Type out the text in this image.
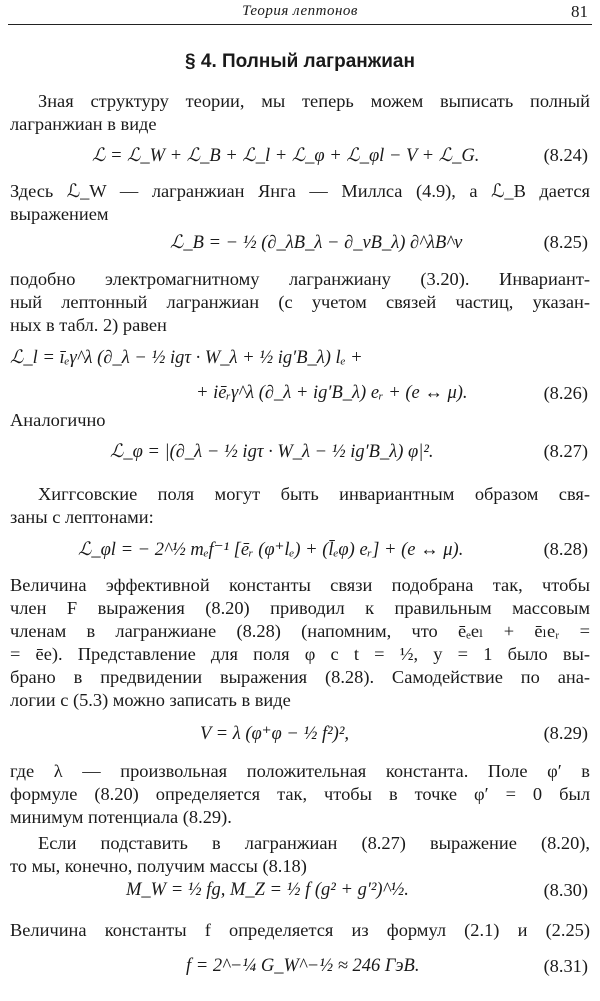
Теория лептонов	81
§ 4. Полный лагранжиан
Зная структуру теории, мы теперь можем выписать полный
лагранжиан в виде
ℒ = ℒ_W + ℒ_B + ℒ_l + ℒ_φ + ℒ_φl − V + ℒ_G.	(8.24)
Здесь ℒ_W — лагранжиан Янга — Миллса (4.9), а ℒ_B дается
выражением
ℒ_B = − ½ (∂_λB_λ − ∂_νB_λ) ∂^λB^ν	(8.25)
подобно электромагнитному лагранжиану (3.20). Инвариант-
ный лептонный лагранжиан (с учетом связей частиц, указан-
ных в табл. 2) равен
ℒ_l = īₑγ^λ (∂_λ − ½ igτ · W_λ + ½ ig′B_λ) lₑ +
+ iēᵣγ^λ (∂_λ + ig′B_λ) eᵣ + (e ↔ μ).	(8.26)
Аналогично
ℒ_φ = |(∂_λ − ½ igτ · W_λ − ½ ig′B_λ) φ|².	(8.27)
Хиггсовские поля могут быть инвариантным образом свя-
заны с лептонами:
ℒ_φl = − 2^½ mₑf⁻¹ [ēᵣ (φ⁺lₑ) + (l̄ₑφ) eᵣ] + (e ↔ μ).	(8.28)
Величина эффективной константы связи подобрана так, чтобы
член F выражения (8.20) приводил к правильным массовым
членам в лагранжиане (8.28) (напомним, что ēₑeₗ + ēₗeᵣ =
= ēe). Представление для поля φ с t = ½, y = 1 было вы-
брано в предвидении выражения (8.28). Самодействие по ана-
логии с (5.3) можно записать в виде
V = λ (φ⁺φ − ½ f²)²,	(8.29)
где λ — произвольная положительная константа. Поле φ′ в
формуле (8.20) определяется так, чтобы в точке φ′ = 0 был
минимум потенциала (8.29).
Если подставить в лагранжиан (8.27) выражение (8.20),
то мы, конечно, получим массы (8.18)
M_W = ½ fg, M_Z = ½ f (g² + g′²)^½.	(8.30)
Величина константы f определяется из формул (2.1) и (2.25)
f = 2^−¼ G_W^−½ ≈ 246 ГэВ.	(8.31)
